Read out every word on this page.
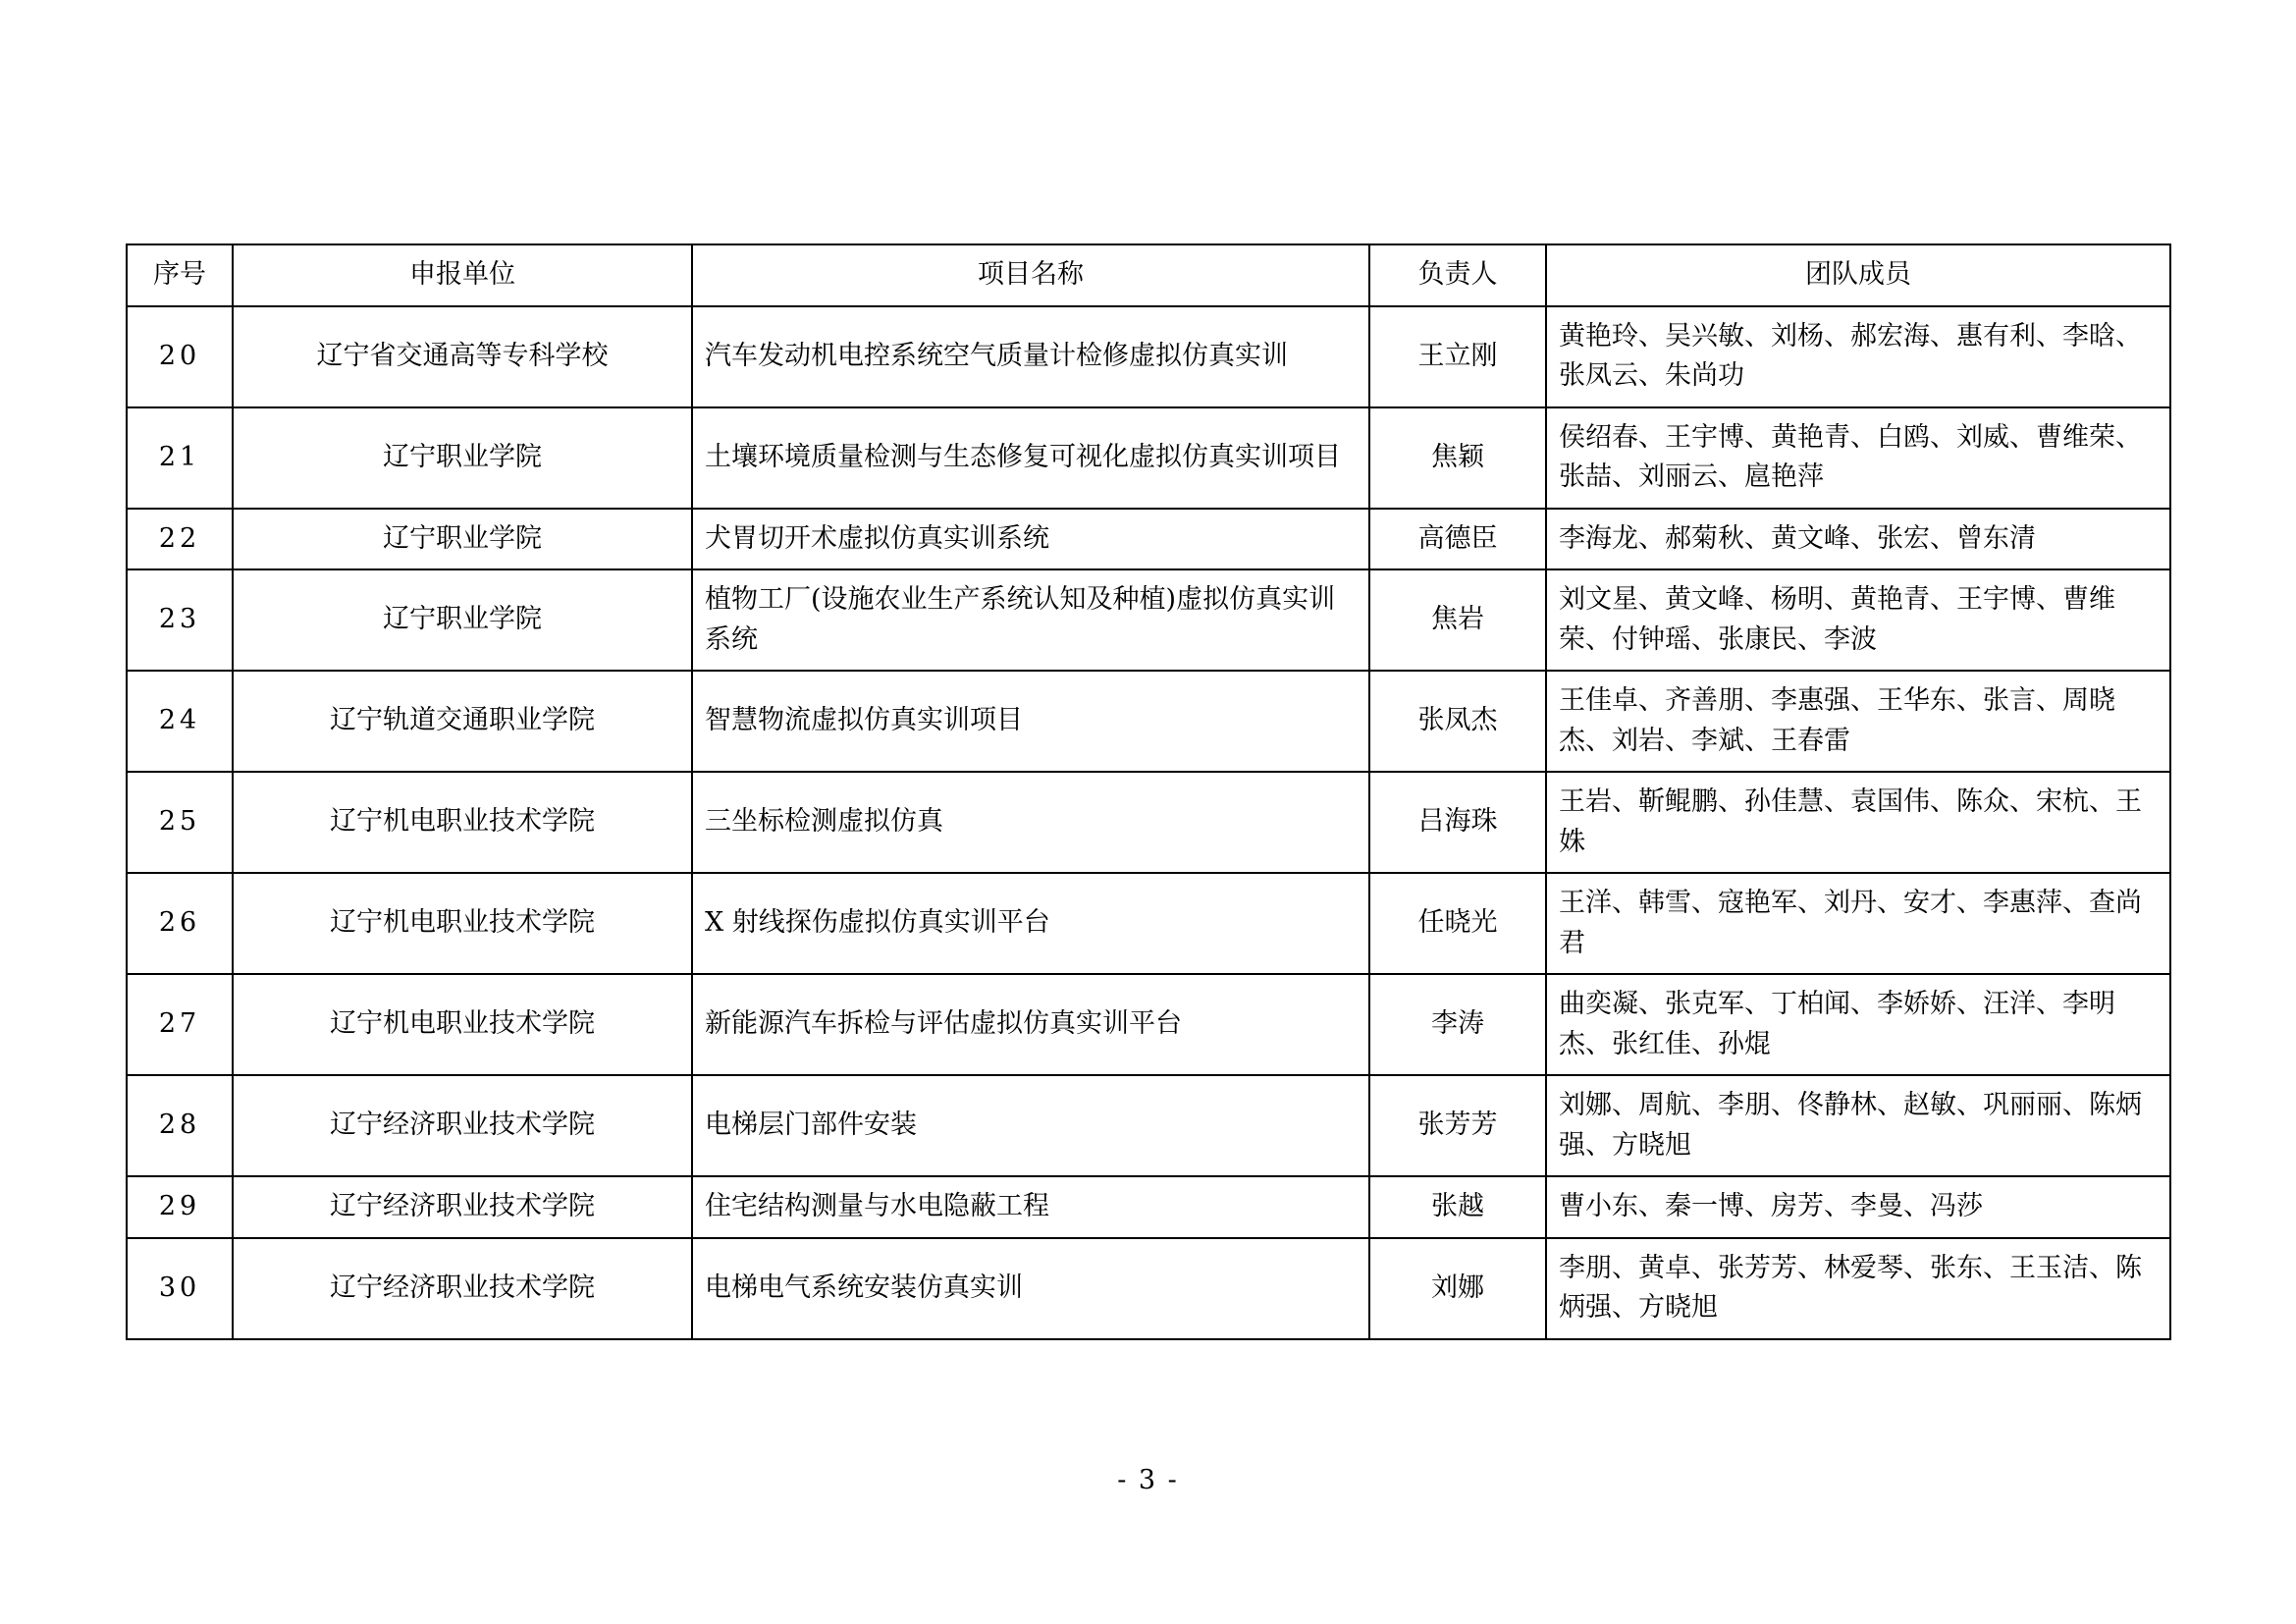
序号	申报单位	项目名称	负责人	团队成员
20	辽宁省交通高等专科学校	汽车发动机电控系统空气质量计检修虚拟仿真实训	王立刚	黄艳玲、吴兴敏、刘杨、郝宏海、惠有利、李晗、张凤云、朱尚功
21	辽宁职业学院	土壤环境质量检测与生态修复可视化虚拟仿真实训项目	焦颖	侯绍春、王宇博、黄艳青、白鸥、刘威、曹维荣、张喆、刘丽云、扈艳萍
22	辽宁职业学院	犬胃切开术虚拟仿真实训系统	高德臣	李海龙、郝菊秋、黄文峰、张宏、曾东清
23	辽宁职业学院	植物工厂(设施农业生产系统认知及种植)虚拟仿真实训系统	焦岩	刘文星、黄文峰、杨明、黄艳青、王宇博、曹维荣、付钟瑶、张康民、李波
24	辽宁轨道交通职业学院	智慧物流虚拟仿真实训项目	张凤杰	王佳卓、齐善朋、李惠强、王华东、张言、周晓杰、刘岩、李斌、王春雷
25	辽宁机电职业技术学院	三坐标检测虚拟仿真	吕海珠	王岩、靳鲲鹏、孙佳慧、袁国伟、陈众、宋杭、王姝
26	辽宁机电职业技术学院	X 射线探伤虚拟仿真实训平台	任晓光	王洋、韩雪、寇艳军、刘丹、安才、李惠萍、查尚君
27	辽宁机电职业技术学院	新能源汽车拆检与评估虚拟仿真实训平台	李涛	曲奕凝、张克军、丁柏闻、李娇娇、汪洋、李明杰、张红佳、孙焜
28	辽宁经济职业技术学院	电梯层门部件安装	张芳芳	刘娜、周航、李朋、佟静林、赵敏、巩丽丽、陈炳强、方晓旭
29	辽宁经济职业技术学院	住宅结构测量与水电隐蔽工程	张越	曹小东、秦一博、房芳、李曼、冯莎
30	辽宁经济职业技术学院	电梯电气系统安装仿真实训	刘娜	李朋、黄卓、张芳芳、林爱琴、张东、王玉洁、陈炳强、方晓旭
- 3 -
